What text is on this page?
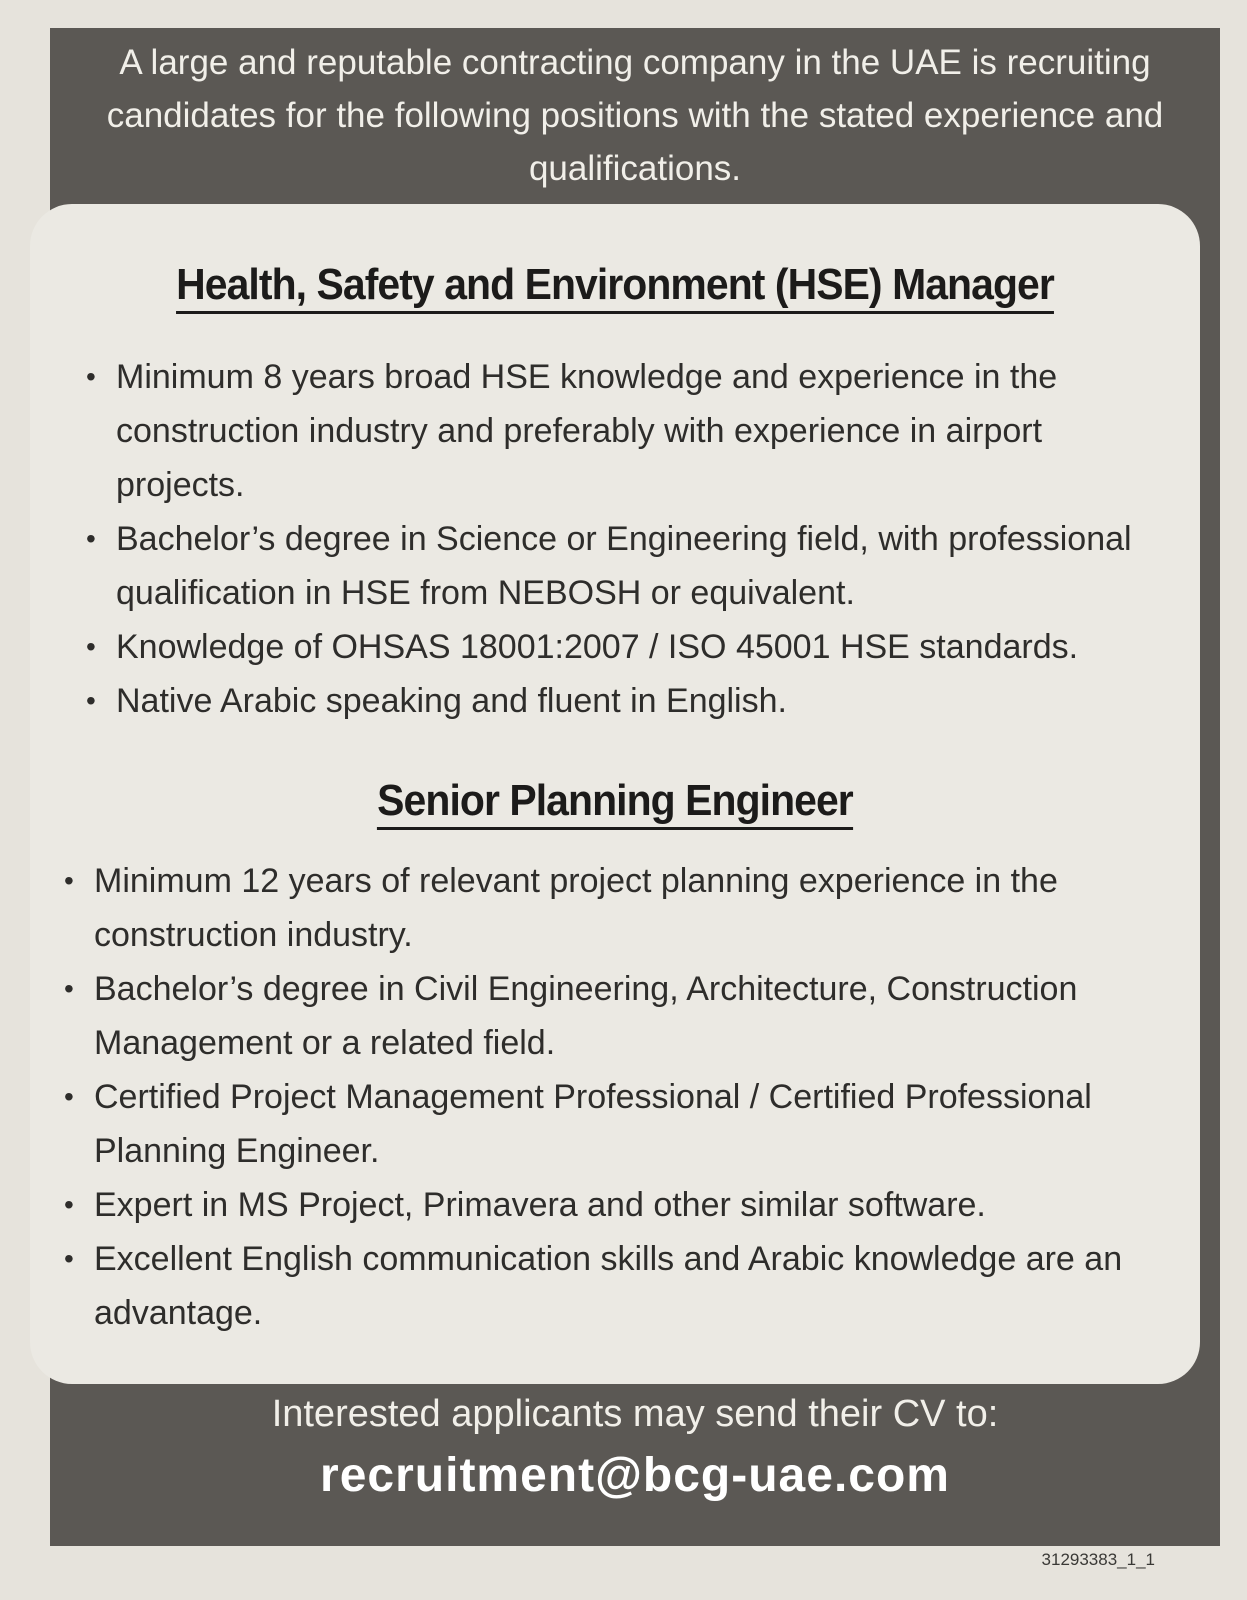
A large and reputable contracting company in the UAE is recruiting candidates for the following positions with the stated experience and qualifications.
Health, Safety and Environment (HSE) Manager
• Minimum 8 years broad HSE knowledge and experience in the construction industry and preferably with experience in airport projects.
• Bachelor’s degree in Science or Engineering field, with professional qualification in HSE from NEBOSH or equivalent.
• Knowledge of OHSAS 18001:2007 / ISO 45001 HSE standards.
• Native Arabic speaking and fluent in English.
Senior Planning Engineer
• Minimum 12 years of relevant project planning experience in the construction industry.
• Bachelor’s degree in Civil Engineering, Architecture, Construction Management or a related field.
• Certified Project Management Professional / Certified Professional Planning Engineer.
• Expert in MS Project, Primavera and other similar software.
• Excellent English communication skills and Arabic knowledge are an advantage.
Interested applicants may send their CV to:
recruitment@bcg-uae.com
31293383_1_1
